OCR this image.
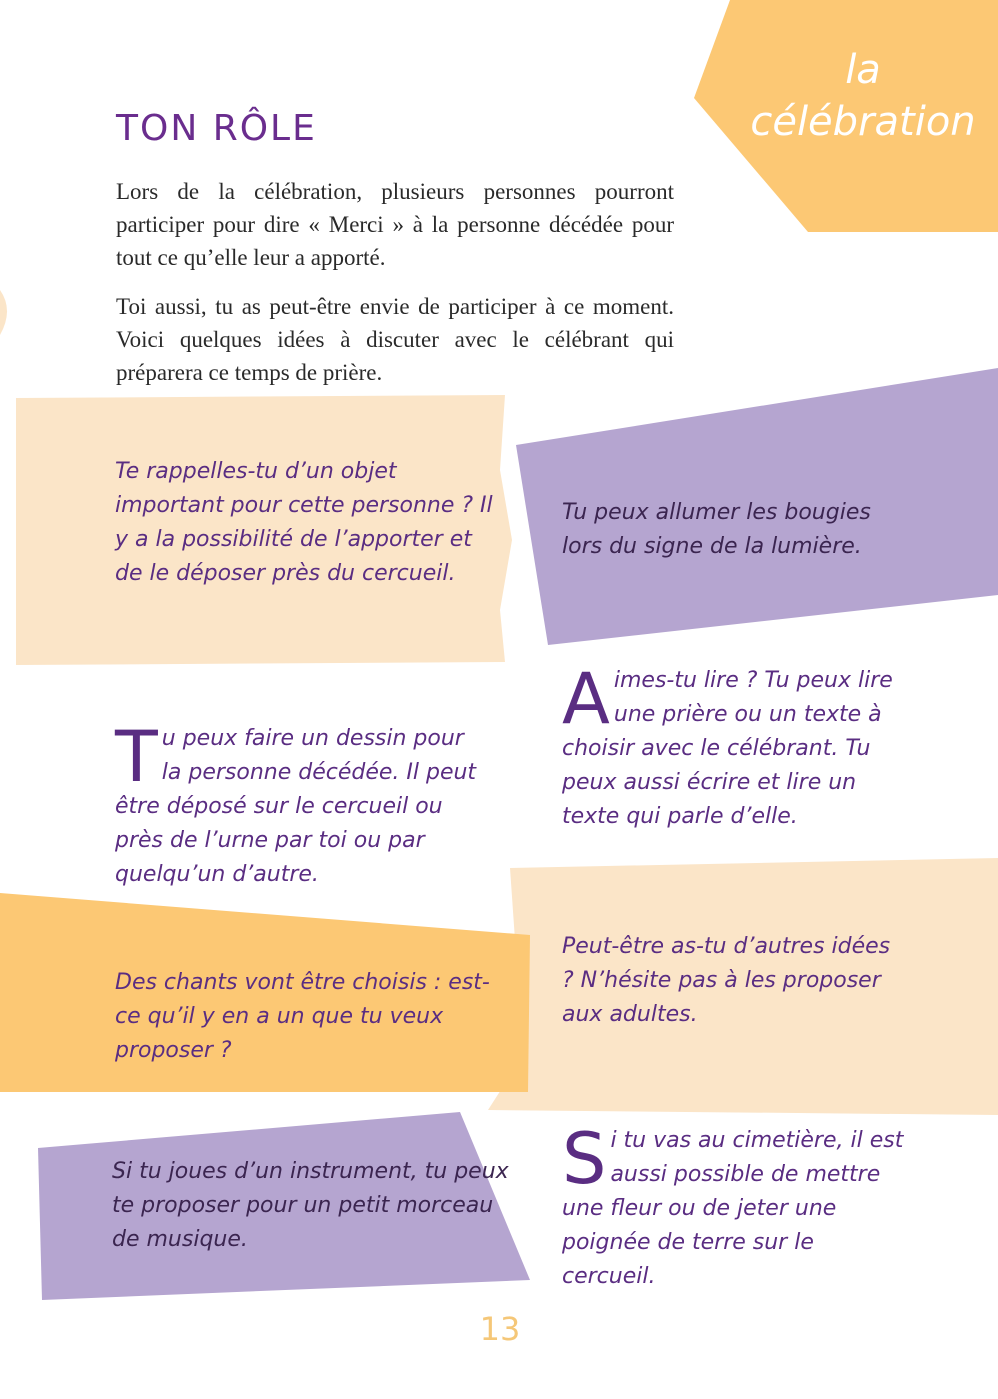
la
célébration
TON RÔLE

Lors de la célébration, plusieurs personnes pourront participer pour dire « Merci » à la personne décédée pour tout ce qu’elle leur a apporté.

Toi aussi, tu as peut-être envie de participer à ce moment. Voici quelques idées à discuter avec le célébrant qui préparera ce temps de prière.

Te rappelles-tu d’un objet important pour cette personne ? Il y a la possibilité de l’apporter et de le déposer près du cercueil.

Tu peux allumer les bougies lors du signe de la lumière.

Aimes-tu lire ? Tu peux lire une prière ou un texte à choisir avec le célébrant. Tu peux aussi écrire et lire un texte qui parle d’elle.

Tu peux faire un dessin pour la personne décédée. Il peut être déposé sur le cercueil ou près de l’urne par toi ou par quelqu’un d’autre.

Peut-être as-tu d’autres idées ? N’hésite pas à les proposer aux adultes.

Des chants vont être choisis : est-ce qu’il y en a un que tu veux proposer ?

Si tu joues d’un instrument, tu peux te proposer pour un petit morceau de musique.

Si tu vas au cimetière, il est aussi possible de mettre une fleur ou de jeter une poignée de terre sur le cercueil.

13
